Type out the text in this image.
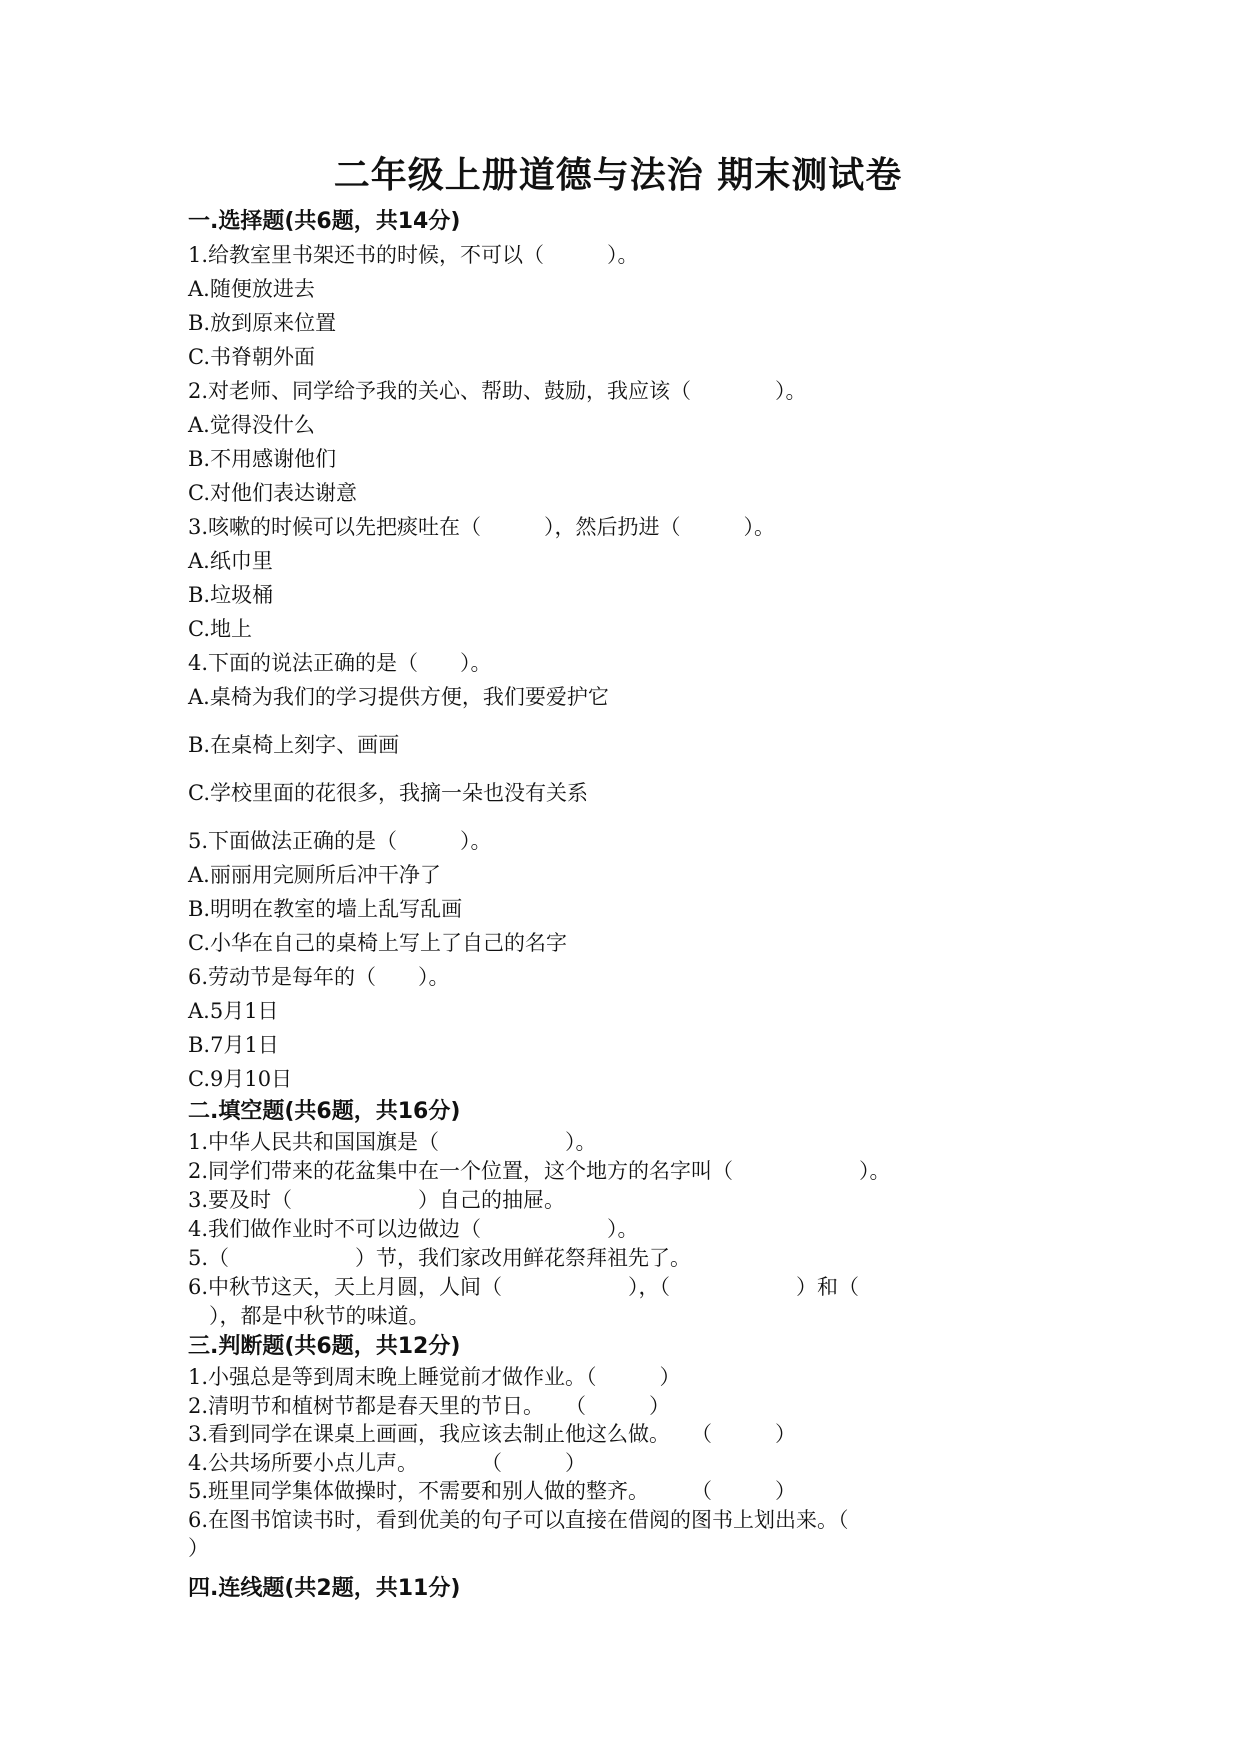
二年级上册道德与法治 期末测试卷
一.选择题(共6题，共14分)

1.给教室里书架还书的时候，不可以（　　　）。

A.随便放进去

B.放到原来位置

C.书脊朝外面

2.对老师、同学给予我的关心、帮助、鼓励，我应该（　　　　）。

A.觉得没什么

B.不用感谢他们

C.对他们表达谢意

3.咳嗽的时候可以先把痰吐在（　　　），然后扔进（　　　）。

A.纸巾里

B.垃圾桶

C.地上

4.下面的说法正确的是（　　）。

A.桌椅为我们的学习提供方便，我们要爱护它

B.在桌椅上刻字、画画

C.学校里面的花很多，我摘一朵也没有关系

5.下面做法正确的是（　　　）。

A.丽丽用完厕所后冲干净了

B.明明在教室的墙上乱写乱画

C.小华在自己的桌椅上写上了自己的名字

6.劳动节是每年的（　　）。

A.5月1日

B.7月1日

C.9月10日

二.填空题(共6题，共16分)

1.中华人民共和国国旗是（　　　　　　）。

2.同学们带来的花盆集中在一个位置，这个地方的名字叫（　　　　　　）。

3.要及时（　　　　　　）自己的抽屉。

4.我们做作业时不可以边做边（　　　　　　）。

5.（　　　　　　）节，我们家改用鲜花祭拜祖先了。

6.中秋节这天，天上月圆，人间（　　　　　　），（　　　　　　）和（

　），都是中秋节的味道。

三.判断题(共6题，共12分)

1.小强总是等到周末晚上睡觉前才做作业。（　　　）

2.清明节和植树节都是春天里的节日。　　（　　　）

3.看到同学在课桌上画画，我应该去制止他这么做。　　（　　　）

4.公共场所要小点儿声。　　　　（　　　）

5.班里同学集体做操时，不需要和别人做的整齐。　　　（　　　）

6.在图书馆读书时，看到优美的句子可以直接在借阅的图书上划出来。（

）

四.连线题(共2题，共11分)
